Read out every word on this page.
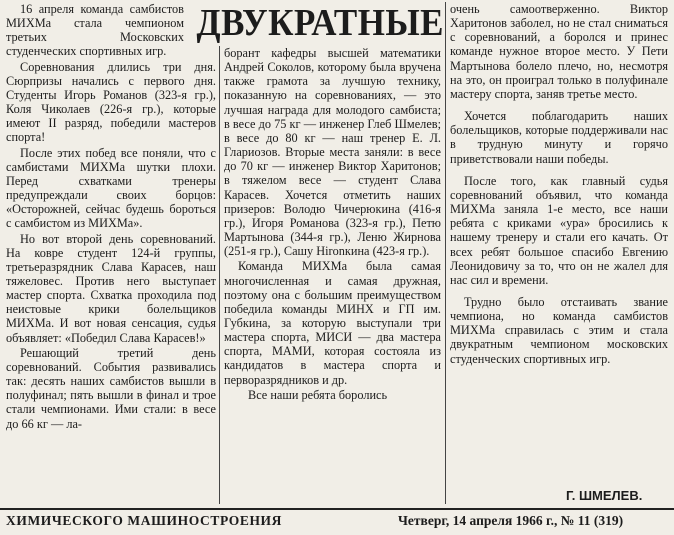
ДВУКРАТНЫЕ

16 апреля команда самбистов МИХМа стала чемпионом третьих Московских студенческих спортивных игр.

Соревнования длились три дня. Сюрпризы начались с первого дня. Студенты Игорь Романов (323-я гр.), Коля Чиколаев (226-я гр.), которые имеют II разряд, победили мастеров спорта!

После этих побед все поняли, что с самбистами МИХМа шутки плохи. Перед схватками тренеры предупреждали своих борцов: «Осторожней, сейчас будешь бороться с самбистом из МИХМа».

Но вот второй день соревнований. На ковре студент 124-й группы, третьеразрядник Слава Карасев, наш тяжеловес. Против него выступает мастер спорта. Схватка проходила под неистовые крики болельщиков МИХМа. И вот новая сенсация, судья объявляет: «Победил Слава Карасев!»

Решающий третий день соревнований. События развивались так: десять наших самбистов вышли в полуфинал; пять вышли в финал и трое стали чемпионами. Ими стали: в весе до 66 кг — ла-

борант кафедры высшей математики Андрей Соколов, которому была вручена также грамота за лучшую технику, показанную на соревнованиях, — это лучшая награда для молодого самбиста; в весе до 75 кг — инженер Глеб Шмелев; в весе до 80 кг — наш тренер Е. Л. Глариозов. Вторые места заняли: в весе до 70 кг — инженер Виктор Харитонов; в тяжелом весе — студент Слава Карасев. Хочется отметить наших призеров: Володю Чичерюкина (416-я гр.), Игоря Романова (323-я гр.), Петю Мартынова (344-я гр.), Леню Жирнова (251-я гр.), Сашу Нironкина (423-я гр.).

Команда МИХМа была самая многочисленная и самая дружная, поэтому она с большим преимуществом победила команды МИНХ и ГП им. Губкина, за которую выступали три мастера спорта, МИСИ — два мастера спорта, МАМИ, которая состояла из кандидатов в мастера спорта и перворазрядников и др.

Все наши ребята боролись

очень самоотверженно. Виктор Харитонов заболел, но не стал сниматься с соревнований, а боролся и принес команде нужное второе место. У Пети Мартынова болело плечо, но, несмотря на это, он проиграл только в полуфинале мастеру спорта, заняв третье место.

Хочется поблагодарить наших болельщиков, которые поддерживали нас в трудную минуту и горячо приветствовали наши победы.

После того, как главный судья соревнований объявил, что команда МИХМа заняла 1-е место, все наши ребята с криками «ура» бросились к нашему тренеру и стали его качать. От всех ребят большое спасибо Евгению Леонидовичу за то, что он не жалел для нас сил и времени.

Трудно было отстаивать звание чемпиона, но команда самбистов МИХМа справилась с этим и стала двукратным чемпионом московских студенческих спортивных игр.

Г. ШМЕЛЕВ.
ХИМИЧЕСКОГО МАШИНОСТРОЕНИЯ	Четверг, 14 апреля 1966 г., № 11 (319)
